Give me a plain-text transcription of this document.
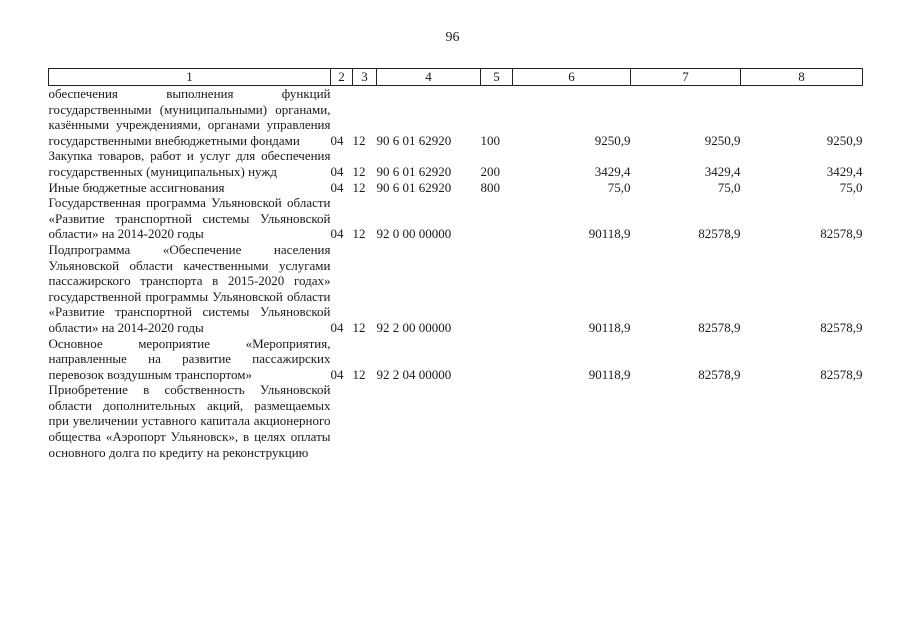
96
1	2	3	4	5	6	7	8
обеспечения выполнения функций государственными (муниципальными) органами, казёнными учреждениями, органами управления государственными внебюджетными фондами	04	12	90 6 01 62920	100	9250,9	9250,9	9250,9
Закупка товаров, работ и услуг для обеспечения государственных (муниципальных) нужд	04	12	90 6 01 62920	200	3429,4	3429,4	3429,4
Иные бюджетные ассигнования	04	12	90 6 01 62920	800	75,0	75,0	75,0
Государственная программа Ульяновской области «Развитие транспортной системы Ульяновской области» на 2014-2020 годы	04	12	92 0 00 00000		90118,9	82578,9	82578,9
Подпрограмма «Обеспечение населения Ульяновской области качественными услугами пассажирского транспорта в 2015-2020 годах» государственной программы Ульяновской области «Развитие транспортной системы Ульяновской области» на 2014-2020 годы	04	12	92 2 00 00000		90118,9	82578,9	82578,9
Основное мероприятие «Мероприятия, направленные на развитие пассажирских перевозок воздушным транспортом»	04	12	92 2 04 00000		90118,9	82578,9	82578,9
Приобретение в собственность Ульяновской области дополнительных акций, размещаемых при увеличении уставного капитала акционерного общества «Аэропорт Ульяновск», в целях оплаты основного долга по кредиту на реконструкцию							
